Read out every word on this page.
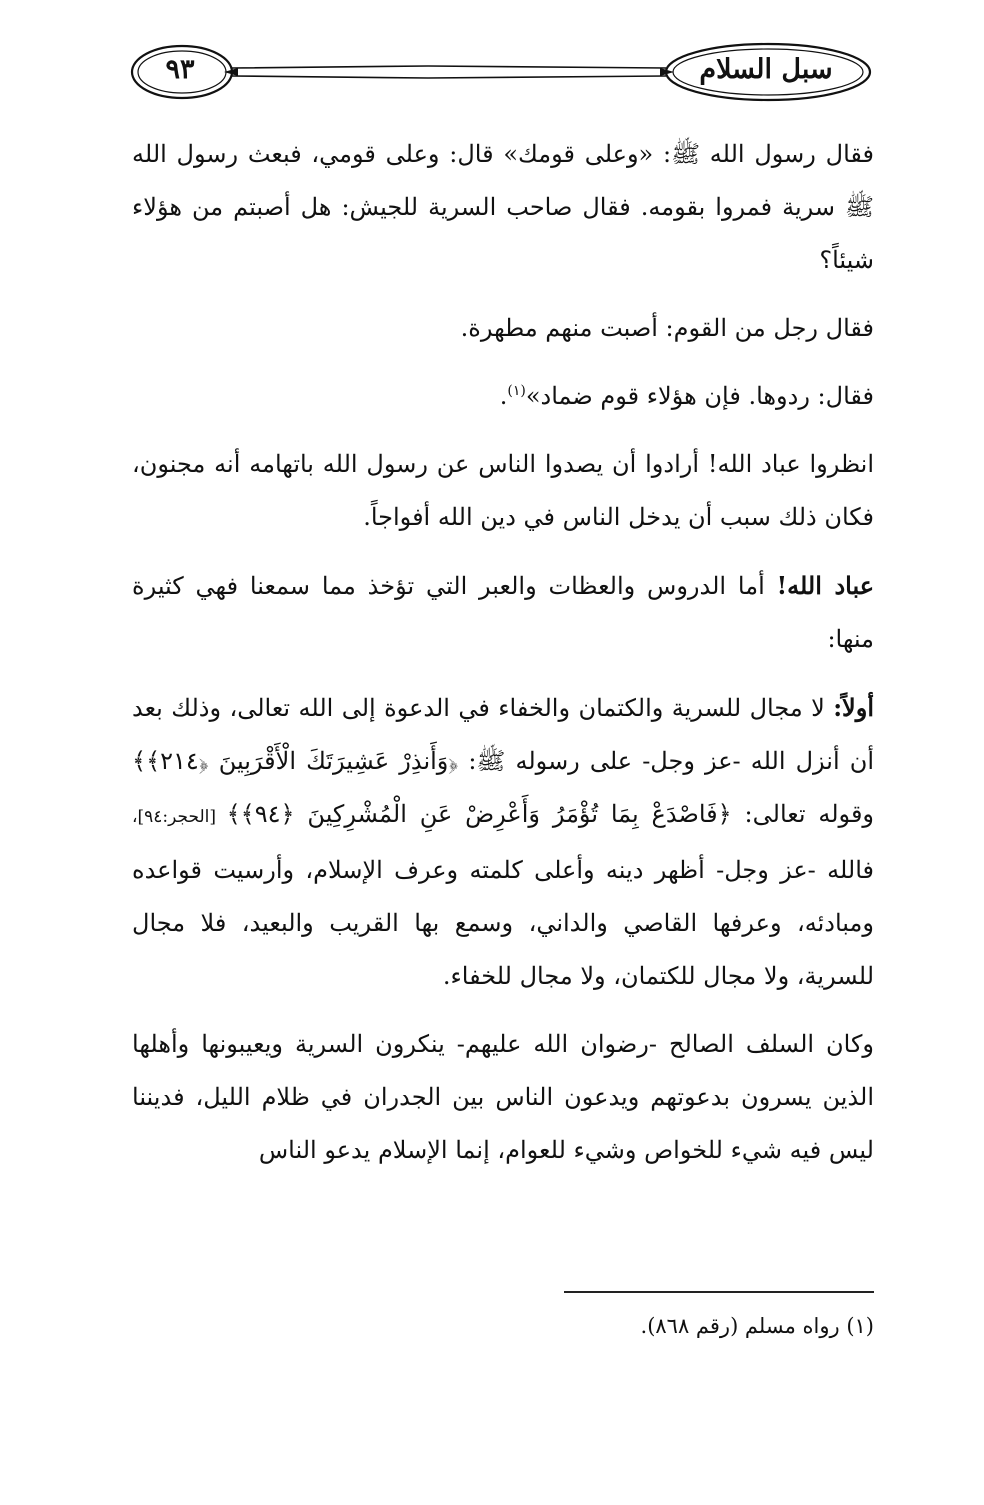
سبل السلام
٩٣

فقال رسول الله ﷺ: «وعلى قومك» قال: وعلى قومي، فبعث رسول الله ﷺ سرية فمروا بقومه. فقال صاحب السرية للجيش: هل أصبتم من هؤلاء شيئاً؟

فقال رجل من القوم: أصبت منهم مطهرة.

فقال: ردوها. فإن هؤلاء قوم ضماد»$^{(١)}$.

انظروا عباد الله! أرادوا أن يصدوا الناس عن رسول الله باتهامه أنه مجنون، فكان ذلك سبب أن يدخل الناس في دين الله أفواجاً.

عباد الله! أما الدروس والعظات والعبر التي تؤخذ مما سمعنا فهي كثيرة منها:

أولاً: لا مجال للسرية والكتمان والخفاء في الدعوة إلى الله تعالى، وذلك بعد أن أنزل الله -عز وجل- على رسوله ﷺ: ﴿وَأَنذِرْ عَشِيرَتَكَ الْأَقْرَبِينَ ﴿٢١٤﴾﴾ وقوله تعالى: ﴿فَاصْدَعْ بِمَا تُؤْمَرُ وَأَعْرِضْ عَنِ الْمُشْرِكِينَ ﴿٩٤﴾﴾ [الحجر:٩٤]، فالله -عز وجل- أظهر دينه وأعلى كلمته وعرف الإسلام، وأرسيت قواعده ومبادئه، وعرفها القاصي والداني، وسمع بها القريب والبعيد، فلا مجال للسرية، ولا مجال للكتمان، ولا مجال للخفاء.

وكان السلف الصالح -رضوان الله عليهم- ينكرون السرية ويعيبونها وأهلها الذين يسرون بدعوتهم ويدعون الناس بين الجدران في ظلام الليل، فديننا ليس فيه شيء للخواص وشيء للعوام، إنما الإسلام يدعو الناس

(١) رواه مسلم (رقم ٨٦٨).
